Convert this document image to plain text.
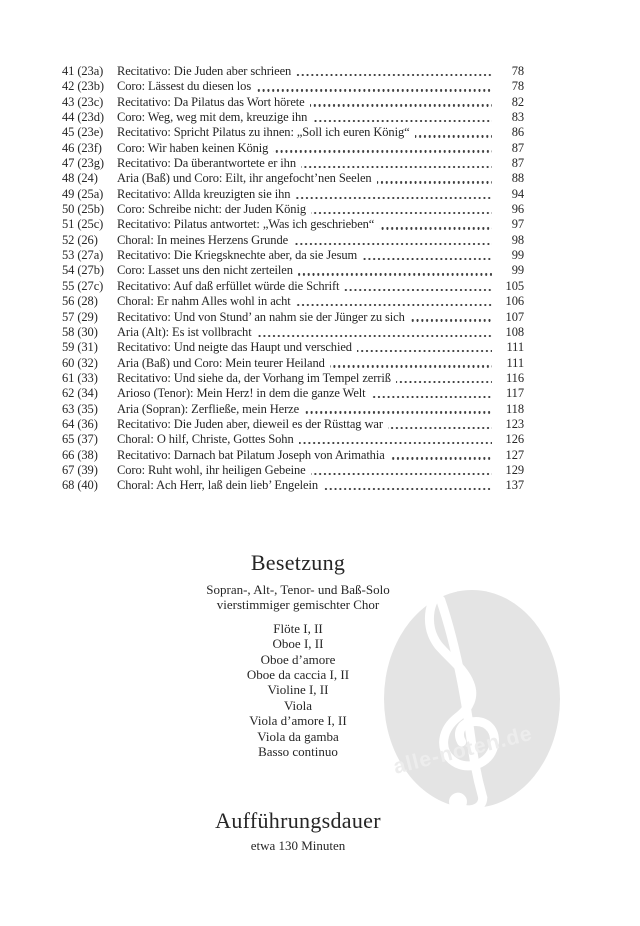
alle-noten.de
41 (23a)	Recitativo: Die Juden aber schrieen	78
42 (23b)	Coro: Lässest du diesen los	78
43 (23c)	Recitativo: Da Pilatus das Wort hörete	82
44 (23d)	Coro: Weg, weg mit dem, kreuzige ihn	83
45 (23e)	Recitativo: Spricht Pilatus zu ihnen: „Soll ich euren König“	86
46 (23f)	Coro: Wir haben keinen König	87
47 (23g)	Recitativo: Da überantwortete er ihn	87
48 (24)	Aria (Baß) und Coro: Eilt, ihr angefocht’nen Seelen	88
49 (25a)	Recitativo: Allda kreuzigten sie ihn	94
50 (25b)	Coro: Schreibe nicht: der Juden König	96
51 (25c)	Recitativo: Pilatus antwortet: „Was ich geschrieben“	97
52 (26)	Choral: In meines Herzens Grunde	98
53 (27a)	Recitativo: Die Kriegsknechte aber, da sie Jesum	99
54 (27b)	Coro: Lasset uns den nicht zerteilen	99
55 (27c)	Recitativo: Auf daß erfüllet würde die Schrift	105
56 (28)	Choral: Er nahm Alles wohl in acht	106
57 (29)	Recitativo: Und von Stund’ an nahm sie der Jünger zu sich	107
58 (30)	Aria (Alt): Es ist vollbracht	108
59 (31)	Recitativo: Und neigte das Haupt und verschied	111
60 (32)	Aria (Baß) und Coro: Mein teurer Heiland	111
61 (33)	Recitativo: Und siehe da, der Vorhang im Tempel zerriß	116
62 (34)	Arioso (Tenor): Mein Herz! in dem die ganze Welt	117
63 (35)	Aria (Sopran): Zerfließe, mein Herze	118
64 (36)	Recitativo: Die Juden aber, dieweil es der Rüsttag war	123
65 (37)	Choral: O hilf, Christe, Gottes Sohn	126
66 (38)	Recitativo: Darnach bat Pilatum Joseph von Arimathia	127
67 (39)	Coro: Ruht wohl, ihr heiligen Gebeine	129
68 (40)	Choral: Ach Herr, laß dein lieb’ Engelein	137
Besetzung
Sopran-, Alt-, Tenor- und Baß-Solo
vierstimmiger gemischter Chor
Flöte I, II
Oboe I, II
Oboe d’amore
Oboe da caccia I, II
Violine I, II
Viola
Viola d’amore I, II
Viola da gamba
Basso continuo
Aufführungsdauer
etwa 130 Minuten
